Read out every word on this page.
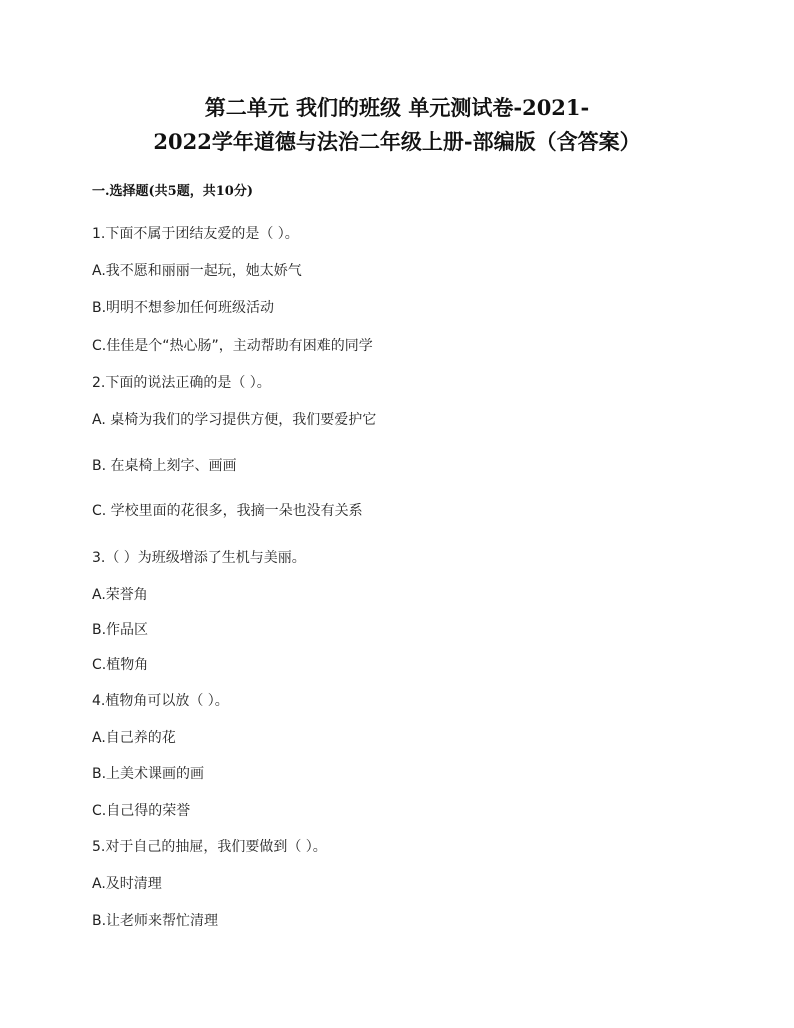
第二单元 我们的班级 单元测试卷-2021-
2022学年道德与法治二年级上册-部编版（含答案）
一.选择题(共5题，共10分)
1.下面不属于团结友爱的是（ ）。
A.我不愿和丽丽一起玩，她太娇气
B.明明不想参加任何班级活动
C.佳佳是个“热心肠”，主动帮助有困难的同学
2.下面的说法正确的是（ ）。
A. 桌椅为我们的学习提供方便，我们要爱护它
B. 在桌椅上刻字、画画
C. 学校里面的花很多，我摘一朵也没有关系
3.（ ）为班级增添了生机与美丽。
A.荣誉角
B.作品区
C.植物角
4.植物角可以放（ ）。
A.自己养的花
B.上美术课画的画
C.自己得的荣誉
5.对于自己的抽屉，我们要做到（ ）。
A.及时清理
B.让老师来帮忙清理
